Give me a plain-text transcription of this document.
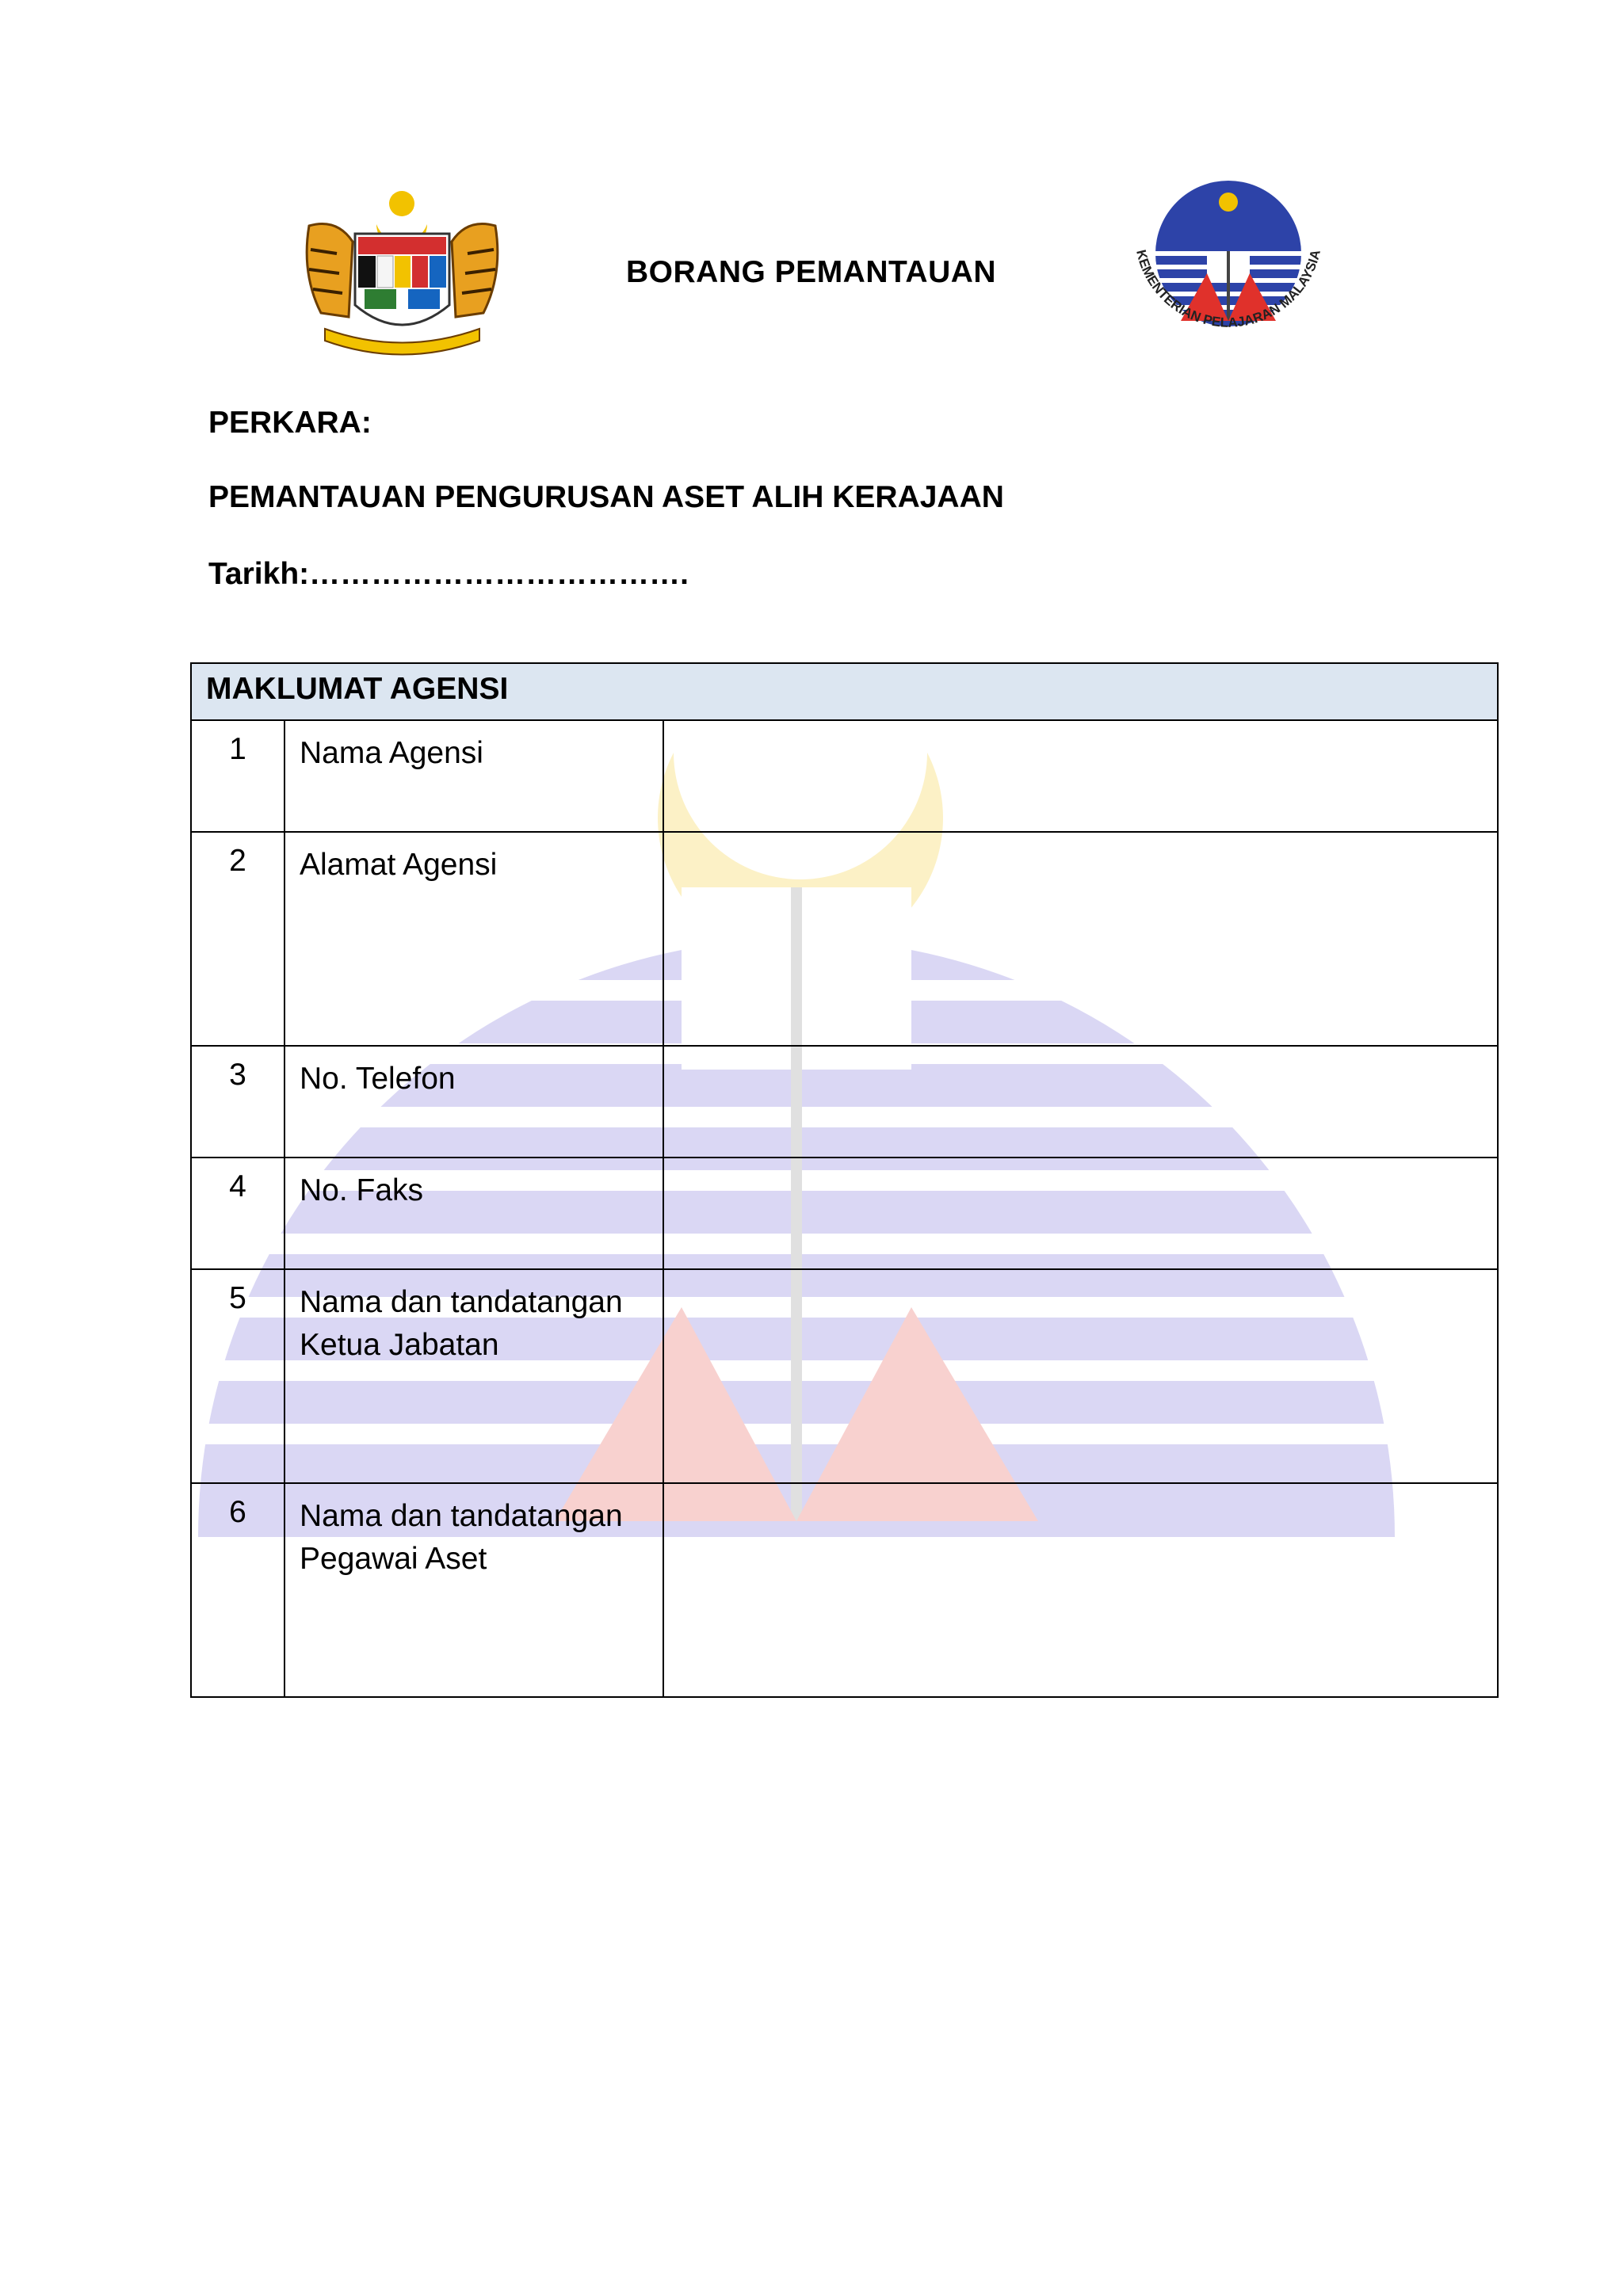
BORANG PEMANTAUAN
KEMENTERIAN PELAJARAN MALAYSIA
PERKARA:
PEMANTAUAN PENGURUSAN ASET ALIH KERAJAAN
Tarikh:……………………………….
MAKLUMAT AGENSI		
1	Nama Agensi	

2	Alamat Agensi	

3	No. Telefon	

4	No. Faks	

5	Nama dan tandatangan
Ketua Jabatan	

6	Nama dan tandatangan
Pegawai Aset	
